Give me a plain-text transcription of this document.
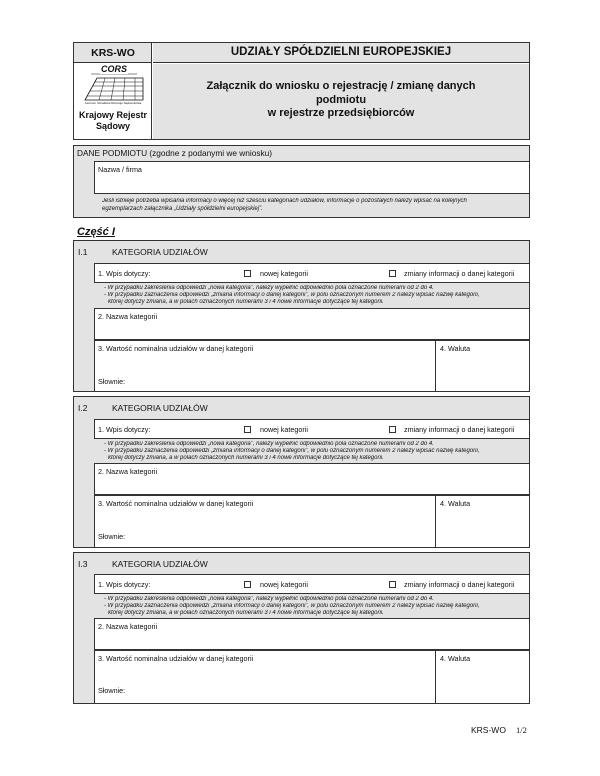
KRS-WO
CORS
Centrum Ośrodków Rozwoju Sądownictwa
Krajowy Rejestr
Sądowy
UDZIAŁY SPÓŁDZIELNI EUROPEJSKIEJ
Załącznik do wniosku o rejestrację / zmianę danych
podmiotu
w rejestrze przedsiębiorców
DANE PODMIOTU (zgodne z podanymi we wniosku)
Nazwa / firma
Jeśli istnieje potrzeba wpisania informacji o więcej niż sześciu kategoriach udziałów, informacje o pozostałych należy wpisać na kolejnych
egzemplarzach załącznika „Udziały spółdzielni europejskiej”.
Część I
I.1	KATEGORIA UDZIAŁÓW
1. Wpis dotyczy:	nowej kategorii	zmiany informacji o danej kategorii
- W przypadku zakreślenia odpowiedzi „nowa kategoria”, należy wypełnić odpowiednio pola oznaczone numerami od 2 do 4.
- W przypadku zaznaczenia odpowiedzi „zmiana informacji o danej kategorii”, w polu oznaczonym numerem 2 należy wpisać nazwę kategorii,
której dotyczy zmiana, a w polach oznaczonych numerami 3 i 4 nowe informacje dotyczące tej kategorii.
2. Nazwa kategorii
3. Wartość nominalna udziałów w danej kategorii
Słownie:
4. Waluta
I.2	KATEGORIA UDZIAŁÓW
1. Wpis dotyczy:	nowej kategorii	zmiany informacji o danej kategorii
- W przypadku zakreślenia odpowiedzi „nowa kategoria”, należy wypełnić odpowiednio pola oznaczone numerami od 2 do 4.
- W przypadku zaznaczenia odpowiedzi „zmiana informacji o danej kategorii”, w polu oznaczonym numerem 2 należy wpisać nazwę kategorii,
której dotyczy zmiana, a w polach oznaczonych numerami 3 i 4 nowe informacje dotyczące tej kategorii.
2. Nazwa kategorii
3. Wartość nominalna udziałów w danej kategorii
Słownie:
4. Waluta
I.3	KATEGORIA UDZIAŁÓW
1. Wpis dotyczy:	nowej kategorii	zmiany informacji o danej kategorii
- W przypadku zakreślenia odpowiedzi „nowa kategoria”, należy wypełnić odpowiednio pola oznaczone numerami od 2 do 4.
- W przypadku zaznaczenia odpowiedzi „zmiana informacji o danej kategorii”, w polu oznaczonym numerem 2 należy wpisać nazwę kategorii,
której dotyczy zmiana, a w polach oznaczonych numerami 3 i 4 nowe informacje dotyczące tej kategorii.
2. Nazwa kategorii
3. Wartość nominalna udziałów w danej kategorii
Słownie:
4. Waluta
KRS-WO 1/2
